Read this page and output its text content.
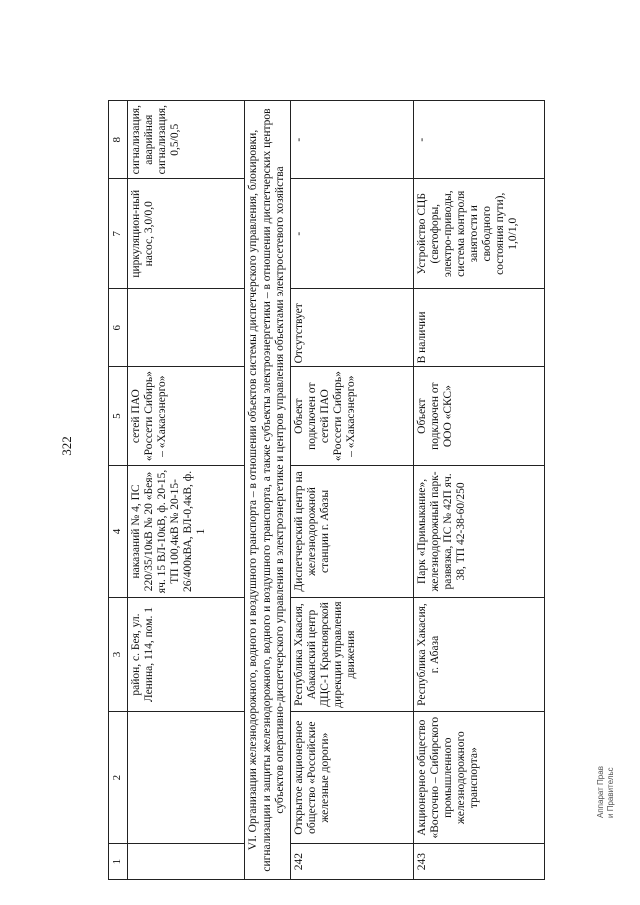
322
1	2	3	4	5	6	7	8
		район, с. Бея, ул. Ленина, 114, пом. 1	наказаний № 4, ПС 220/35/10кВ № 20 «Бея» яч. 15 ВЛ-10кВ, ф. 20-15, ТП 100,4кВ № 20-15-26/400кВА, ВЛ-0,4кВ, ф. 1	сетей ПАО «Россети Сибирь» – «Хакасэнерго»		циркуляцион-ный насос, 3,0/0,0	сигнализация, аварийная сигнализация, 0,5/0,5
VI. Организации железнодорожного, водного и воздушного транспорта – в отношении объектов системы диспетчерского управления, блокировки, сигнализации и защиты железнодорожного, водного и воздушного транспорта, а также субъекты электроэнергетики – в отношении диспетчерских центров субъектов оперативно-диспетчерского управления в электроэнергетике и центров управления объектами электросетевого хозяйства							
242	Открытое акционерное общество «Российские железные дороги»	Республика Хакасия, Абаканский центр ДЦС-1 Красноярской дирекции управления движения	Диспетчерский центр на железнодорожной станции г. Абазы	Объект подключен от сетей ПАО «Россети Сибирь» – «Хакасэнерго»	Отсутствует	-	-
243	Акционерное общество «Восточно – Сибирского промышленного железнодорожного транспорта»	Республика Хакасия, г. Абаза	Парк «Примыкание», железнодорожный парк-развязка, ПС № 42П яч. 38, ТП 42-38-60/250	Объект подключен от ООО «СКС»	В наличии	Устройство СЦБ (светофоры, электро-приводы, система контроля занятости и свободного состояния пути), 1,0/1,0	-
Аппарат Прав и Правительс
